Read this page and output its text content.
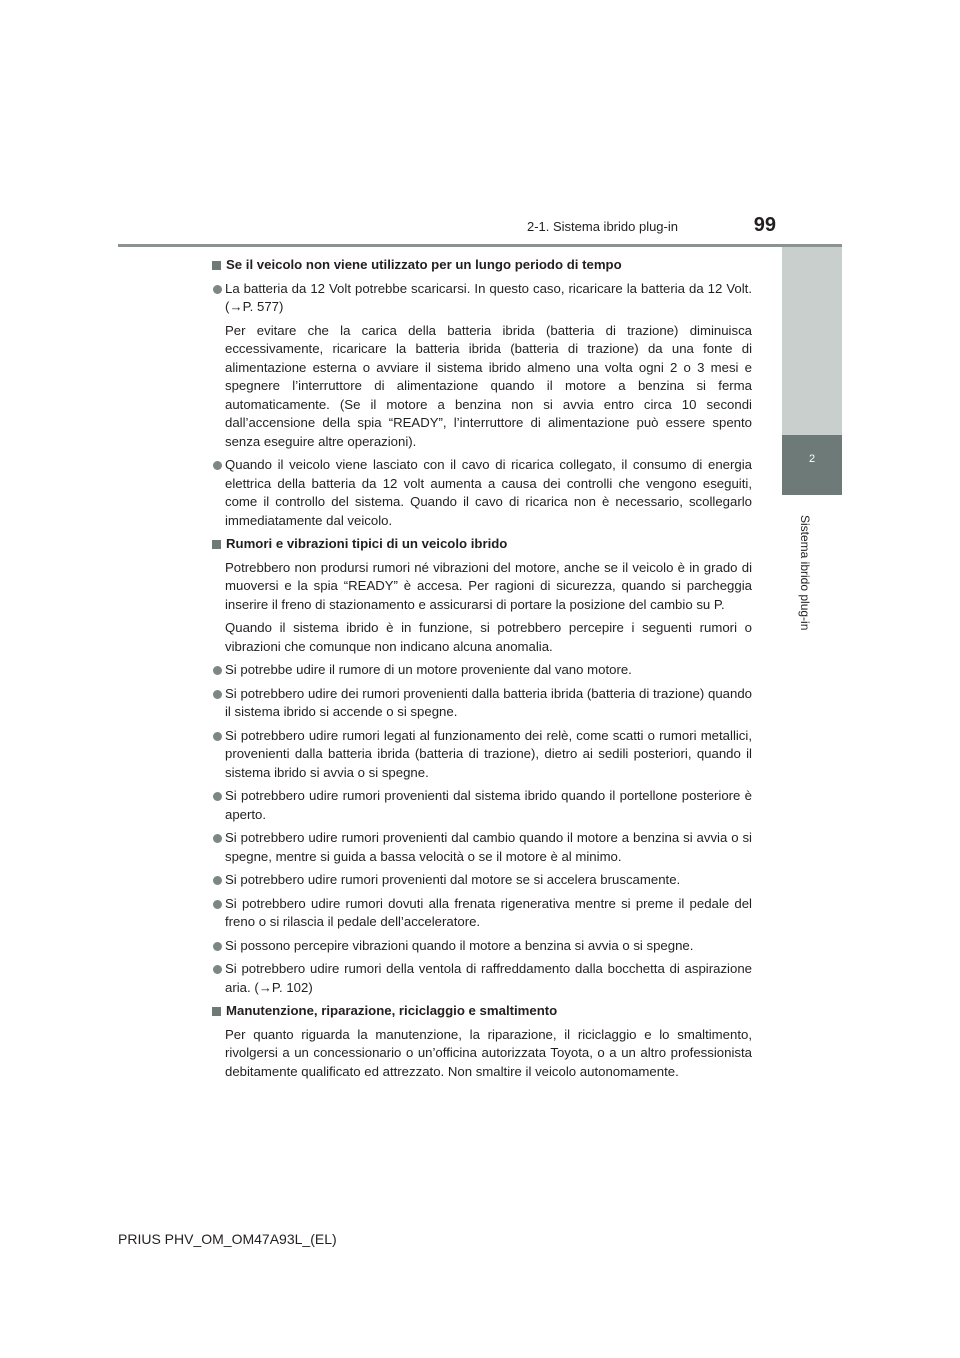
2-1. Sistema ibrido plug-in	99
2
Sistema ibrido plug-in
Se il veicolo non viene utilizzato per un lungo periodo di tempo
La batteria da 12 Volt potrebbe scaricarsi. In questo caso, ricaricare la batteria da 12 Volt. (→P. 577)
Per evitare che la carica della batteria ibrida (batteria di trazione) diminuisca eccessivamente, ricaricare la batteria ibrida (batteria di trazione) da una fonte di alimentazione esterna o avviare il sistema ibrido almeno una volta ogni 2 o 3 mesi e spegnere l’interruttore di alimentazione quando il motore a benzina si ferma automaticamente. (Se il motore a benzina non si avvia entro circa 10 secondi dall’accensione della spia “READY”, l’interruttore di alimentazione può essere spento senza eseguire altre operazioni).
Quando il veicolo viene lasciato con il cavo di ricarica collegato, il consumo di energia elettrica della batteria da 12 volt aumenta a causa dei controlli che vengono eseguiti, come il controllo del sistema. Quando il cavo di ricarica non è necessario, scollegarlo immediatamente dal veicolo.
Rumori e vibrazioni tipici di un veicolo ibrido
Potrebbero non prodursi rumori né vibrazioni del motore, anche se il veicolo è in grado di muoversi e la spia “READY” è accesa. Per ragioni di sicurezza, quando si parcheggia inserire il freno di stazionamento e assicurarsi di portare la posizione del cambio su P.
Quando il sistema ibrido è in funzione, si potrebbero percepire i seguenti rumori o vibrazioni che comunque non indicano alcuna anomalia.
Si potrebbe udire il rumore di un motore proveniente dal vano motore.
Si potrebbero udire dei rumori provenienti dalla batteria ibrida (batteria di trazione) quando il sistema ibrido si accende o si spegne.
Si potrebbero udire rumori legati al funzionamento dei relè, come scatti o rumori metallici, provenienti dalla batteria ibrida (batteria di trazione), dietro ai sedili posteriori, quando il sistema ibrido si avvia o si spegne.
Si potrebbero udire rumori provenienti dal sistema ibrido quando il portellone posteriore è aperto.
Si potrebbero udire rumori provenienti dal cambio quando il motore a benzina si avvia o si spegne, mentre si guida a bassa velocità o se il motore è al minimo.
Si potrebbero udire rumori provenienti dal motore se si accelera bruscamente.
Si potrebbero udire rumori dovuti alla frenata rigenerativa mentre si preme il pedale del freno o si rilascia il pedale dell’acceleratore.
Si possono percepire vibrazioni quando il motore a benzina si avvia o si spegne.
Si potrebbero udire rumori della ventola di raffreddamento dalla bocchetta di aspirazione aria. (→P. 102)
Manutenzione, riparazione, riciclaggio e smaltimento
Per quanto riguarda la manutenzione, la riparazione, il riciclaggio e lo smaltimento, rivolgersi a un concessionario o un’officina autorizzata Toyota, o a un altro professionista debitamente qualificato ed attrezzato. Non smaltire il veicolo autonomamente.
PRIUS PHV_OM_OM47A93L_(EL)
